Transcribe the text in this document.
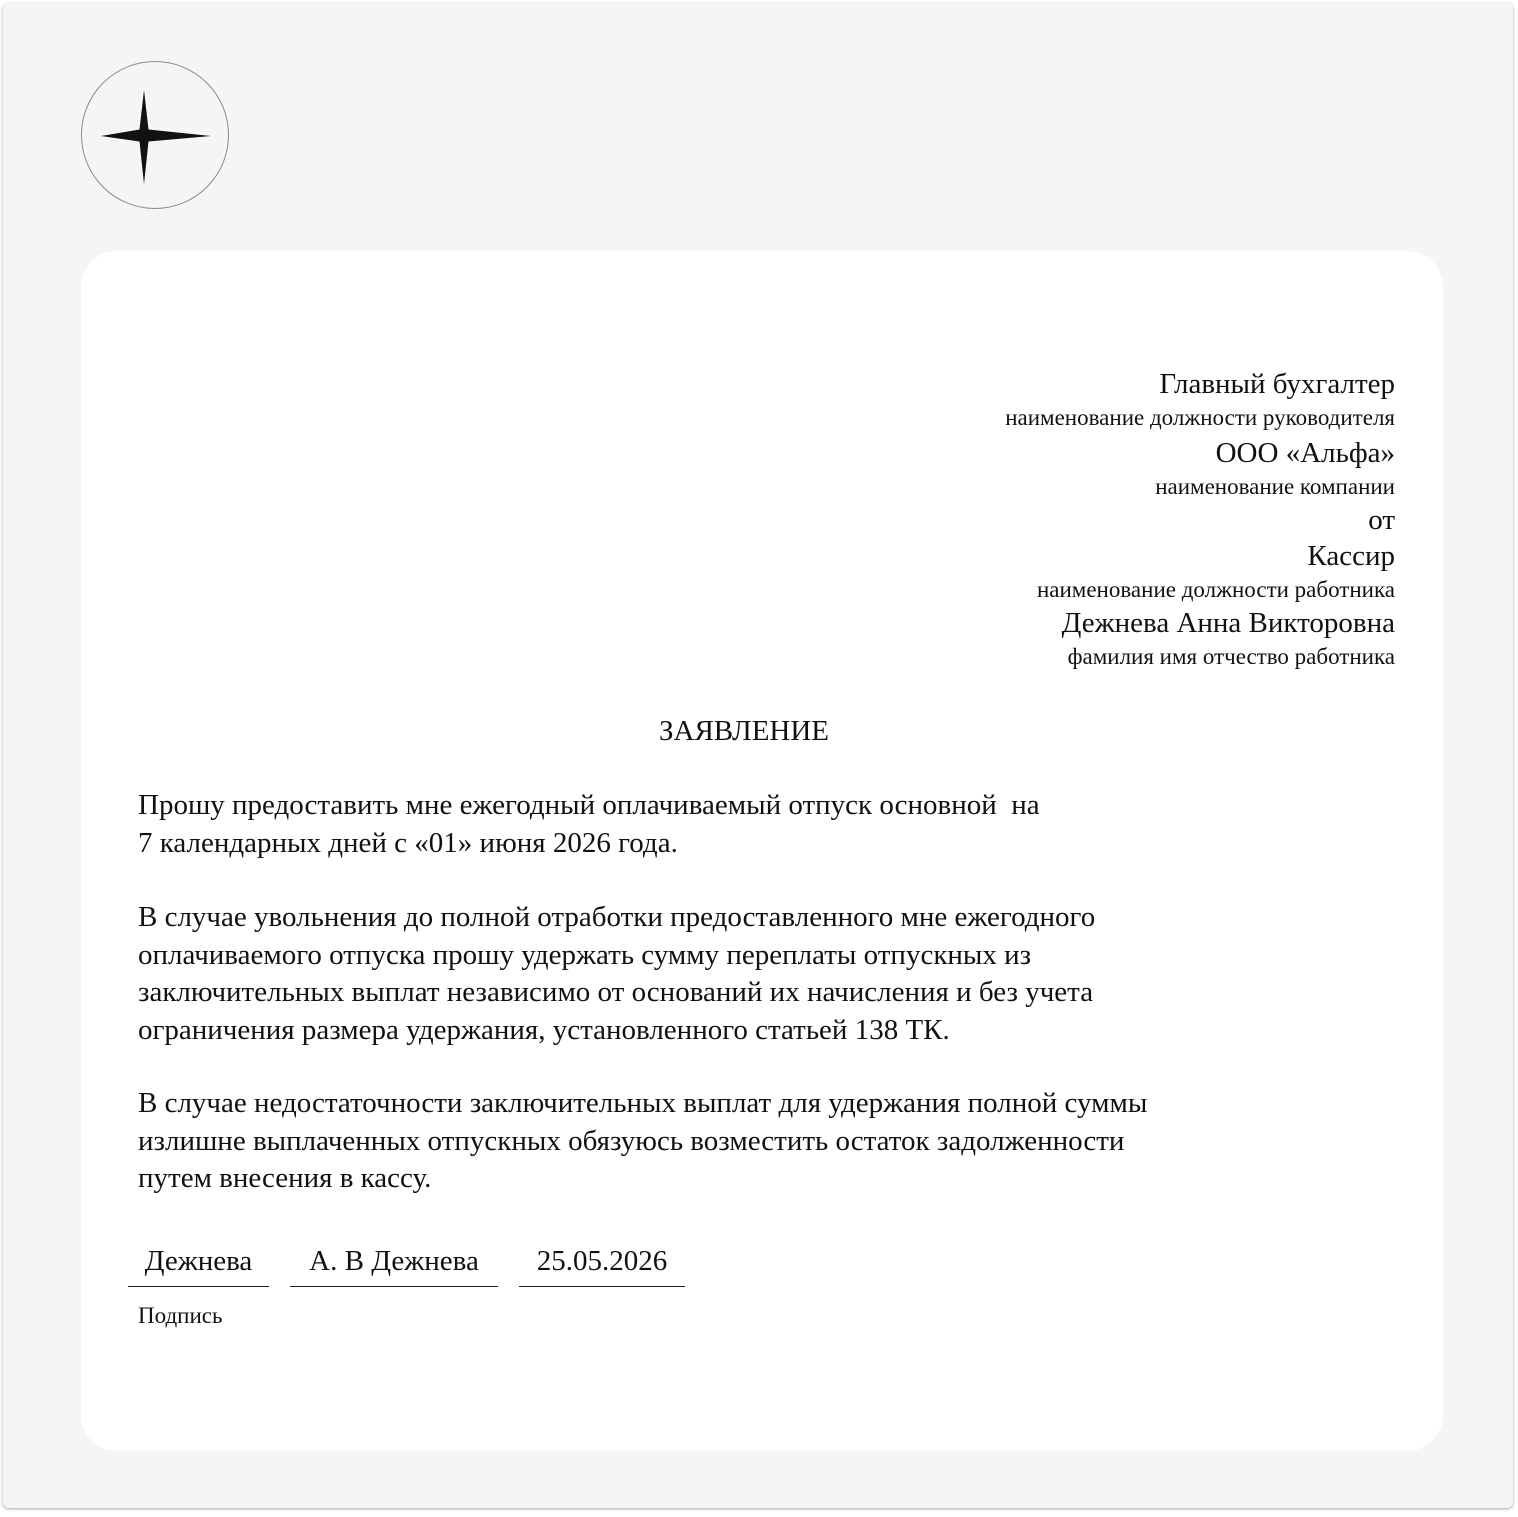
Главный бухгалтер
наименование должности руководителя
ООО «Альфа»
наименование компании
от
Кассир
наименование должности работника
Дежнева Анна Викторовна
фамилия имя отчество работника
ЗАЯВЛЕНИЕ

Прошу предоставить мне ежегодный оплачиваемый отпуск основной  на
7 календарных дней с «01» июня 2026 года.

В случае увольнения до полной отработки предоставленного мне ежегодного
оплачиваемого отпуска прошу удержать сумму переплаты отпускных из
заключительных выплат независимо от оснований их начисления и без учета
ограничения размера удержания, установленного статьей 138 ТК.

В случае недостаточности заключительных выплат для удержания полной суммы
излишне выплаченных отпускных обязуюсь возместить остаток задолженности
путем внесения в кассу.

Дежнева	А. В Дежнева	25.05.2026
Подпись
